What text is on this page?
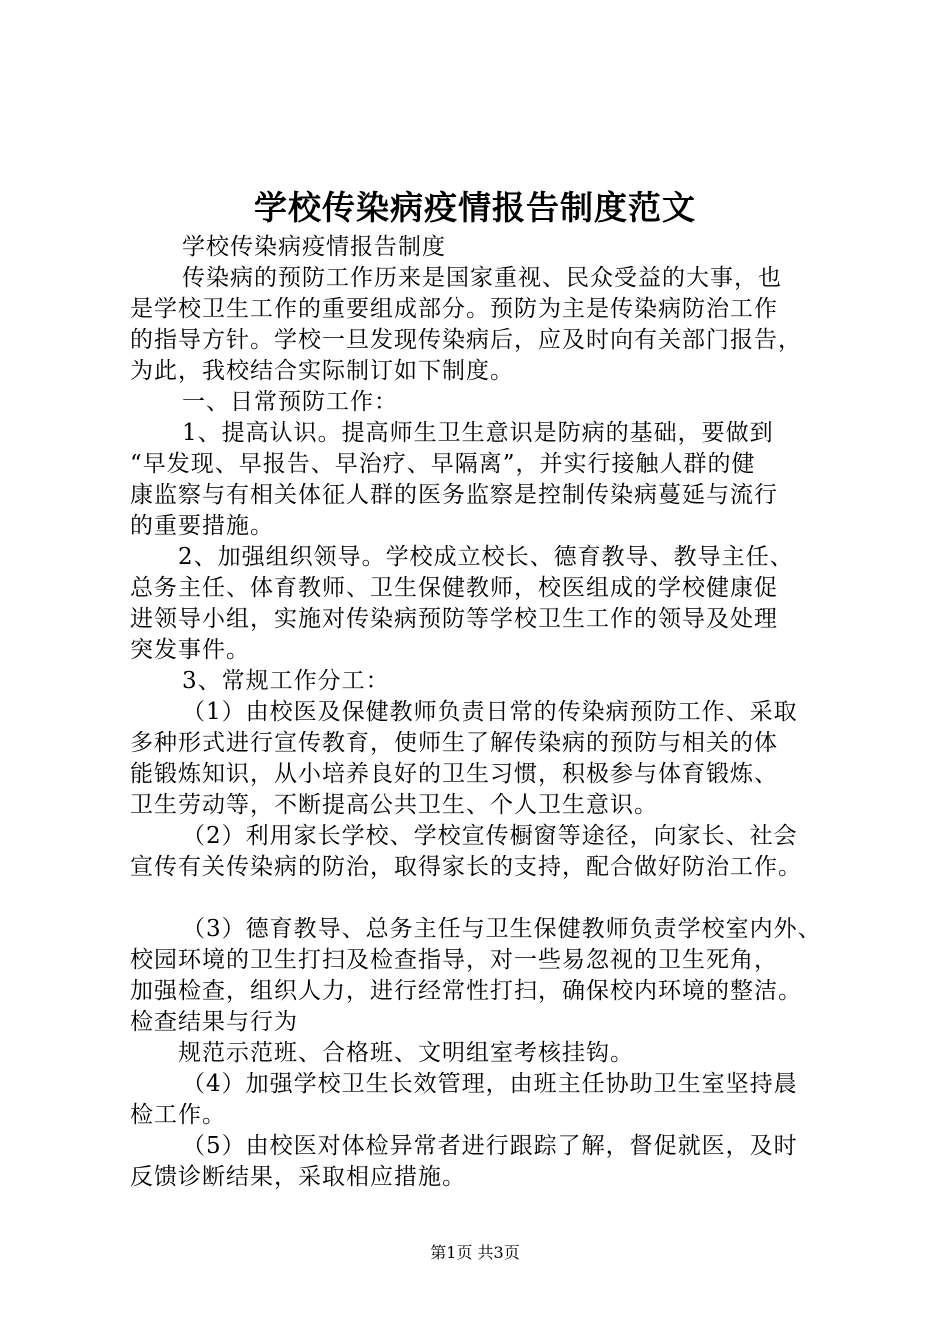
学校传染病疫情报告制度范文
学校传染病疫情报告制度
传染病的预防工作历来是国家重视、民众受益的大事，也
是学校卫生工作的重要组成部分。预防为主是传染病防治工作
的指导方针。学校一旦发现传染病后，应及时向有关部门报告，
为此，我校结合实际制订如下制度。
一、日常预防工作：
1、提高认识。提高师生卫生意识是防病的基础，要做到
“早发现、早报告、早治疗、早隔离”，并实行接触人群的健
康监察与有相关体征人群的医务监察是控制传染病蔓延与流行
的重要措施。
2、加强组织领导。学校成立校长、德育教导、教导主任、
总务主任、体育教师、卫生保健教师，校医组成的学校健康促
进领导小组，实施对传染病预防等学校卫生工作的领导及处理
突发事件。
3、常规工作分工：
（1）由校医及保健教师负责日常的传染病预防工作、采取
多种形式进行宣传教育，使师生了解传染病的预防与相关的体
能锻炼知识，从小培养良好的卫生习惯，积极参与体育锻炼、
卫生劳动等，不断提高公共卫生、个人卫生意识。
（2）利用家长学校、学校宣传橱窗等途径，向家长、社会
宣传有关传染病的防治，取得家长的支持，配合做好防治工作。
（3）德育教导、总务主任与卫生保健教师负责学校室内外、
校园环境的卫生打扫及检查指导，对一些易忽视的卫生死角，
加强检查，组织人力，进行经常性打扫，确保校内环境的整洁。
检查结果与行为
规范示范班、合格班、文明组室考核挂钩。
（4）加强学校卫生长效管理，由班主任协助卫生室坚持晨
检工作。
（5）由校医对体检异常者进行跟踪了解，督促就医，及时
反馈诊断结果，采取相应措施。
第1页 共3页
